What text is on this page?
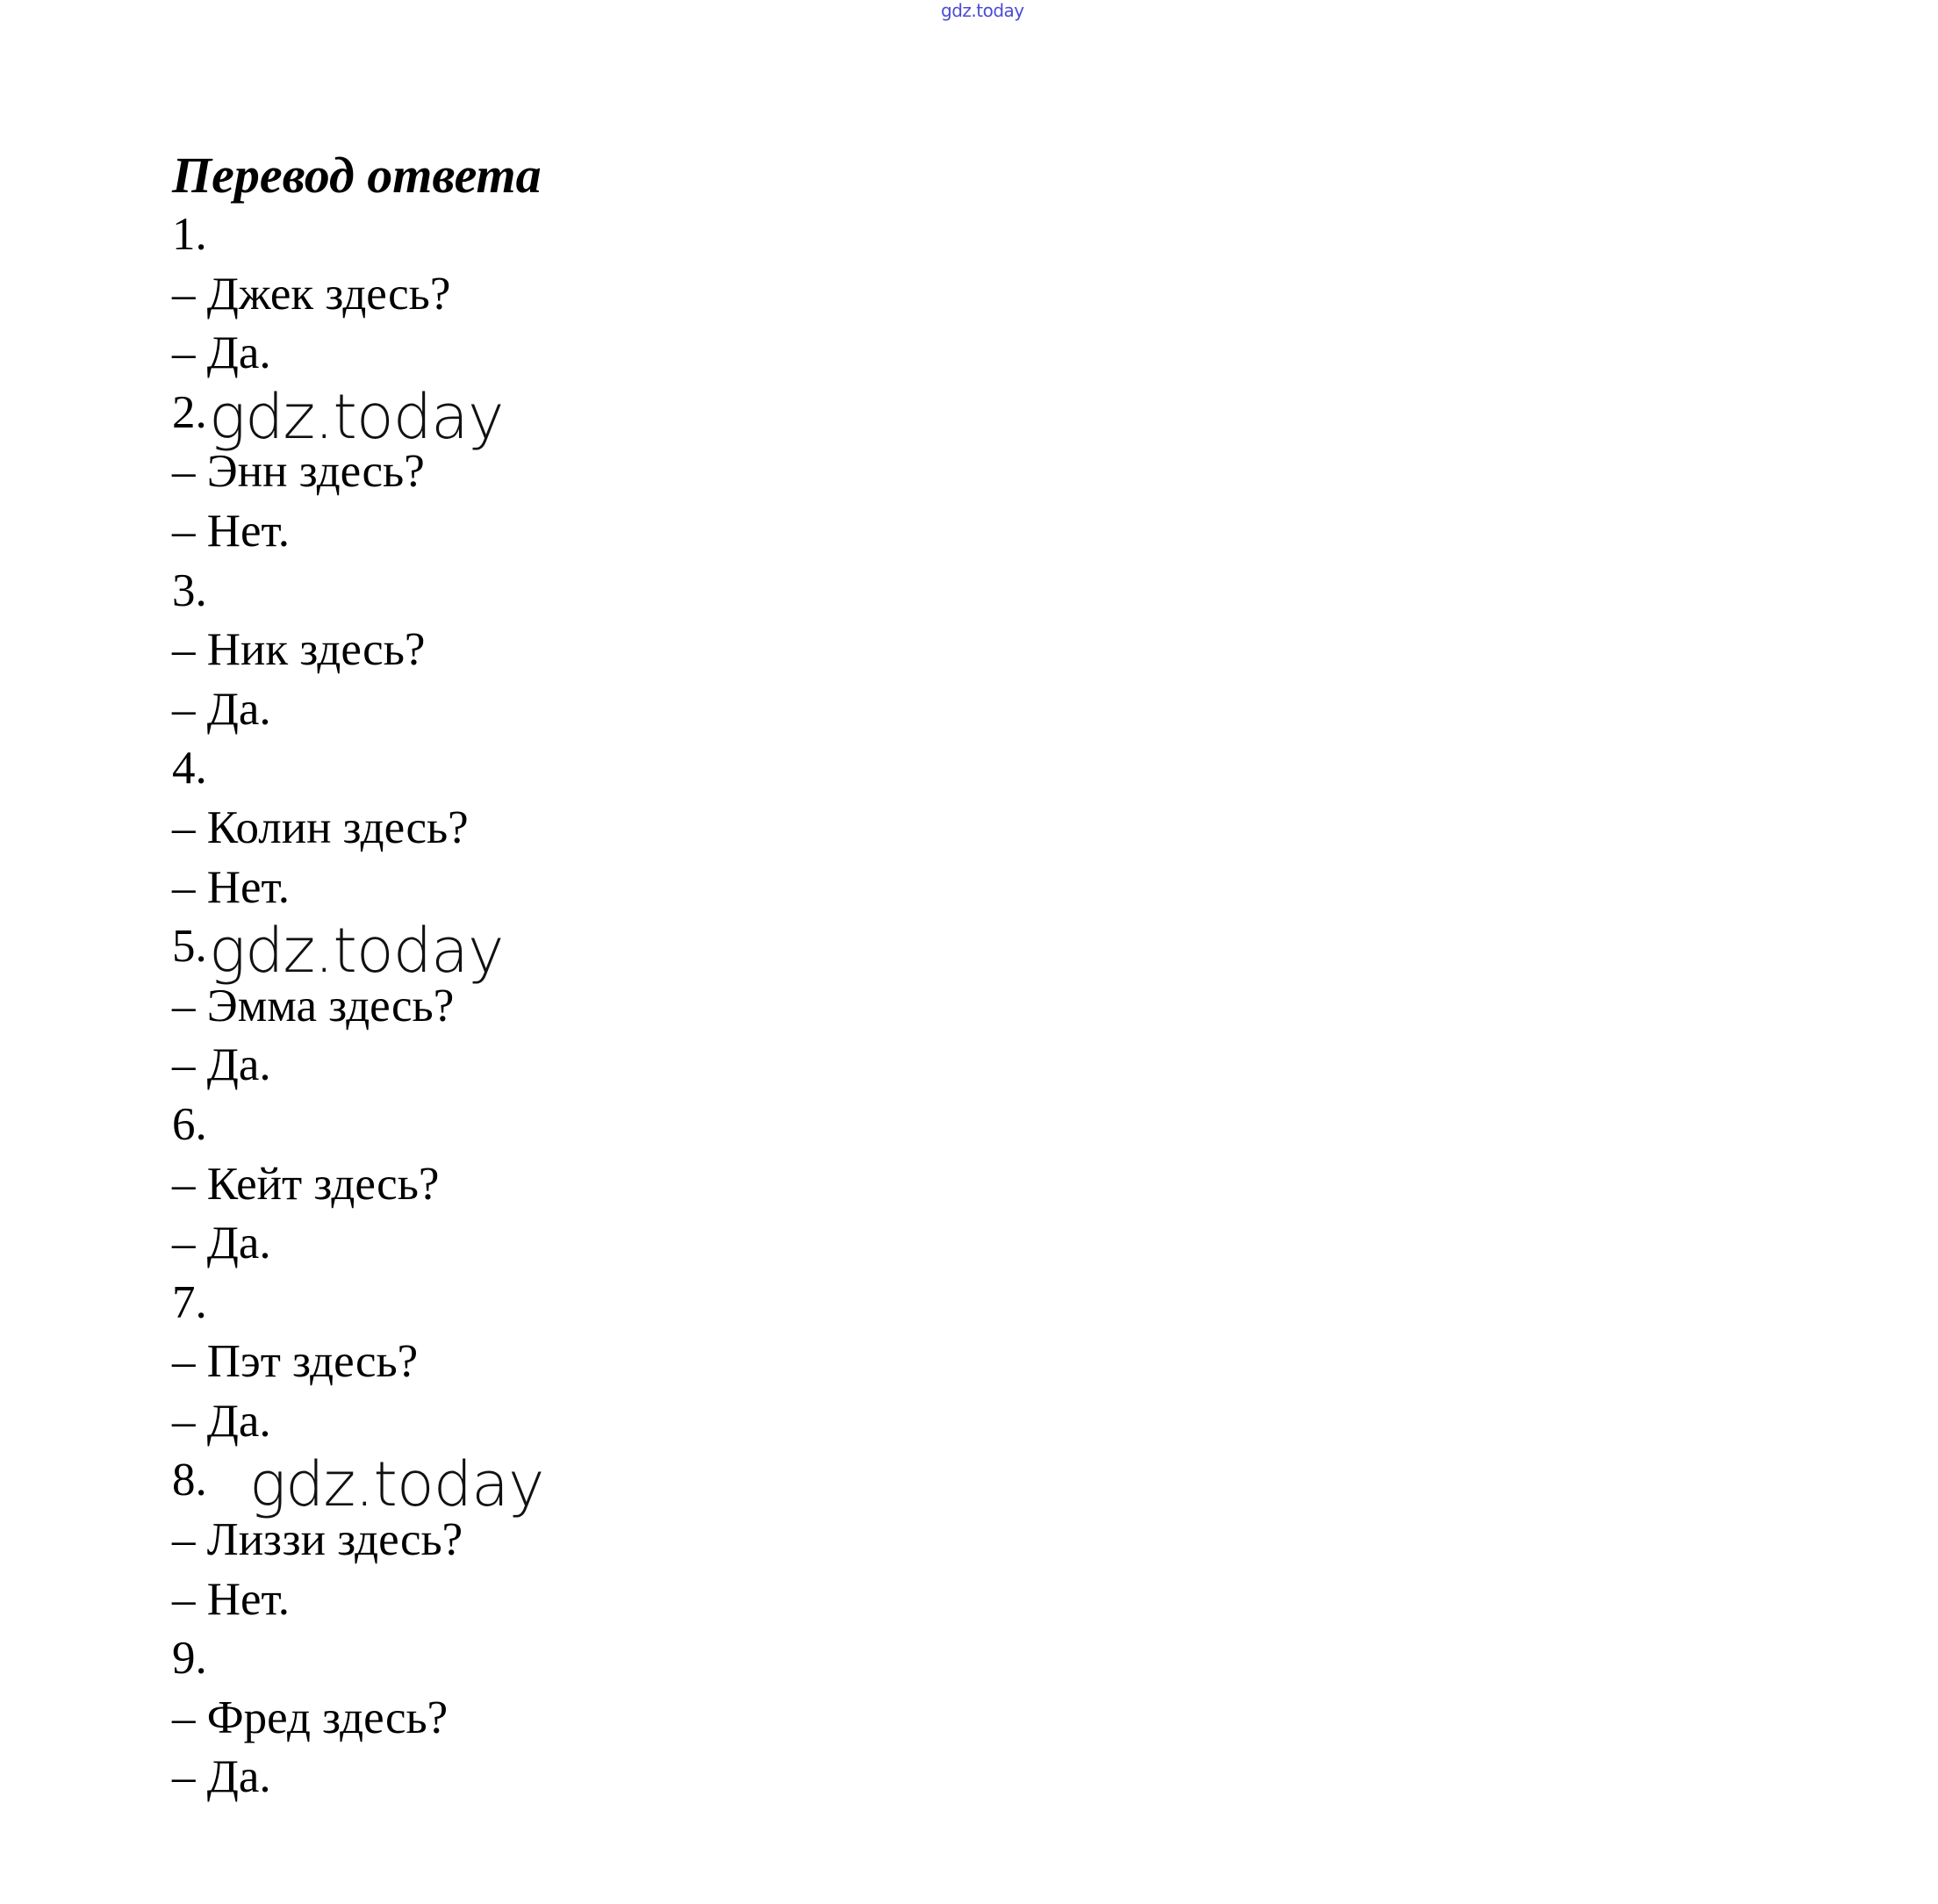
gdz.today
Перевод ответа
1.
– Джек здесь?
– Да.
2. gdz.today
– Энн здесь?
– Нет.
3.
– Ник здесь?
– Да.
4.
– Колин здесь?
– Нет.
5. gdz.today
– Эмма здесь?
– Да.
6.
– Кейт здесь?
– Да.
7.
– Пэт здесь?
– Да.
8. gdz.today
– Лиззи здесь?
– Нет.
9.
– Фред здесь?
– Да.
